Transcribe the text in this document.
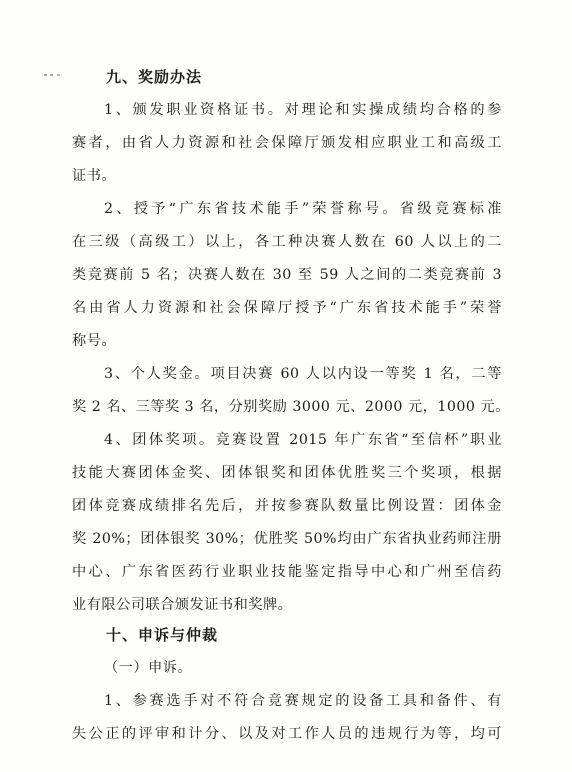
九、奖励办法
1、颁发职业资格证书。对理论和实操成绩均合格的参
赛者，由省人力资源和社会保障厅颁发相应职业工和高级工
证书。
2、授予“广东省技术能手”荣誉称号。省级竞赛标准
在三级（高级工）以上，各工种决赛人数在 60 人以上的二
类竞赛前 5 名；决赛人数在 30 至 59 人之间的二类竞赛前 3
名由省人力资源和社会保障厅授予“广东省技术能手”荣誉
称号。
3、个人奖金。项目决赛 60 人以内设一等奖 1 名，二等
奖 2 名、三等奖 3 名，分别奖励 3000 元、2000 元，1000 元。
4、团体奖项。竞赛设置 2015 年广东省“至信杯”职业
技能大赛团体金奖、团体银奖和团体优胜奖三个奖项，根据
团体竞赛成绩排名先后，并按参赛队数量比例设置：团体金
奖 20%；团体银奖 30%；优胜奖 50%均由广东省执业药师注册
中心、广东省医药行业职业技能鉴定指导中心和广州至信药
业有限公司联合颁发证书和奖牌。
十、申诉与仲裁
（一）申诉。
1、参赛选手对不符合竞赛规定的设备工具和备件、有
失公正的评审和计分、以及对工作人员的违规行为等，均可
